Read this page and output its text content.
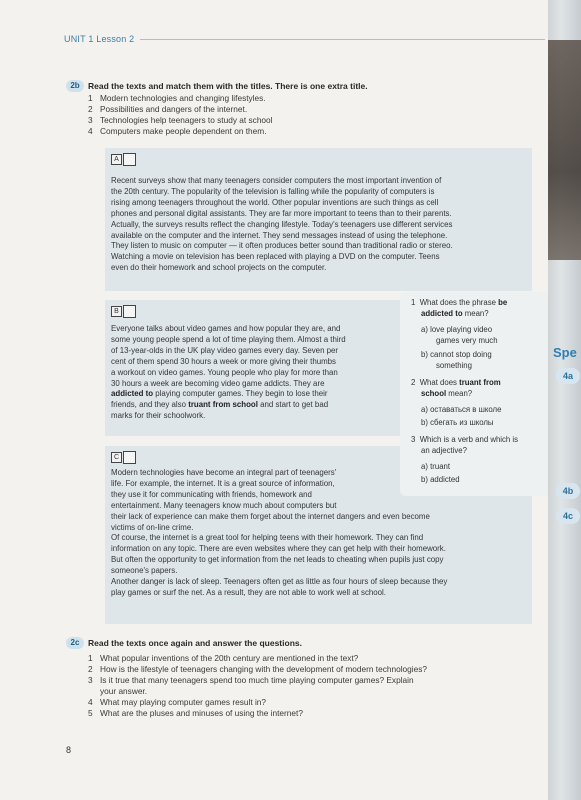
UNIT 1 Lesson 2
2b Read the texts and match them with the titles. There is one extra title.
1 Modern technologies and changing lifestyles.
2 Possibilities and dangers of the internet.
3 Technologies help teenagers to study at school
4 Computers make people dependent on them.
A
Recent surveys show that many teenagers consider computers the most important invention of
the 20th century. The popularity of the television is falling while the popularity of computers is
rising among teenagers throughout the world. Other popular inventions are such things as cell
phones and personal digital assistants. They are far more important to teens than to their parents.
Actually, the surveys results reflect the changing lifestyle. Today's teenagers use different services
available on the computer and the internet. They send messages instead of using the telephone.
They listen to music on computer — it often produces better sound than traditional radio or stereo.
Watching a movie on television has been replaced with playing a DVD on the computer. Teens
even do their homework and school projects on the computer.
B
Everyone talks about video games and how popular they are, and
some young people spend a lot of time playing them. Almost a third
of 13-year-olds in the UK play video games every day. Seven per
cent of them spend 30 hours a week or more giving their thumbs
a workout on video games. Young people who play for more than
30 hours a week are becoming video game addicts. They are
addicted to playing computer games. They begin to lose their
friends, and they also truant from school and start to get bad
marks for their schoolwork.
C
Modern technologies have become an integral part of teenagers'
life. For example, the internet. It is a great source of information,
they use it for communicating with friends, homework and
entertainment. Many teenagers know much about computers but
their lack of experience can make them forget about the internet dangers and even become
victims of on-line crime.
Of course, the internet is a great tool for helping teens with their homework. They can find
information on any topic. There are even websites where they can get help with their homework.
But often the opportunity to get information from the net leads to cheating when pupils just copy
someone's papers.
Another danger is lack of sleep. Teenagers often get as little as four hours of sleep because they
play games or surf the net. As a result, they are not able to work well at school.
1 What does the phrase be
addicted to mean?
a) love playing video
games very much
b) cannot stop doing
something
2 What does truant from
school mean?
a) оставаться в школе
b) сбегать из школы
3 Which is a verb and which is
an adjective?
a) truant
b) addicted
2c	Read the texts once again and answer the questions.
1 What popular inventions of the 20th century are mentioned in the text?
2 How is the lifestyle of teenagers changing with the development of modern technologies?
3 Is it true that many teenagers spend too much time playing computer games? Explain
your answer.
4 What may playing computer games result in?
5 What are the pluses and minuses of using the internet?
8
Spe
4a
4b
4c
